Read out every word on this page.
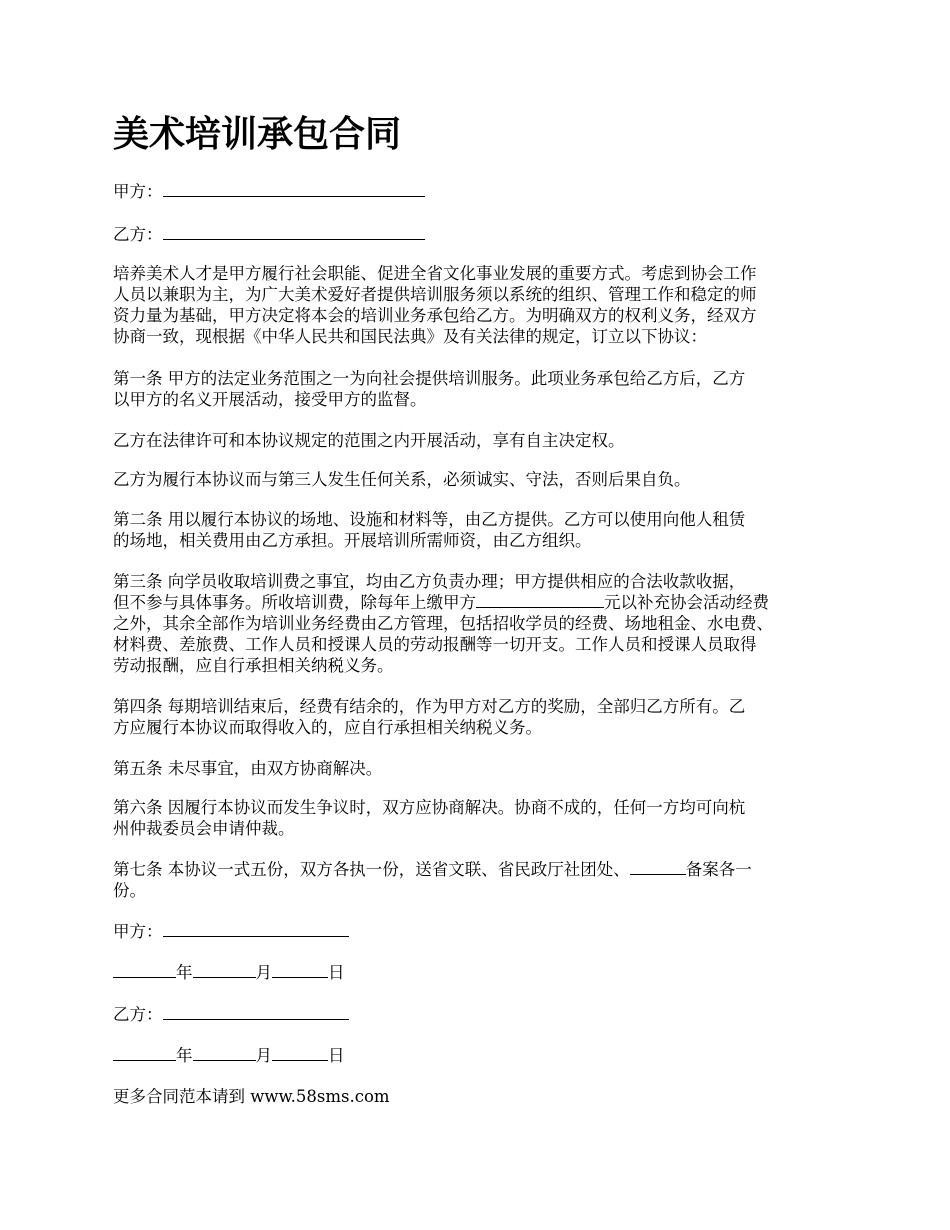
美术培训承包合同

甲方：

乙方：

培养美术人才是甲方履行社会职能、促进全省文化事业发展的重要方式。考虑到协会工作
人员以兼职为主，为广大美术爱好者提供培训服务须以系统的组织、管理工作和稳定的师
资力量为基础，甲方决定将本会的培训业务承包给乙方。为明确双方的权利义务，经双方
协商一致，现根据《中华人民共和国民法典》及有关法律的规定，订立以下协议：

第一条 甲方的法定业务范围之一为向社会提供培训服务。此项业务承包给乙方后，乙方
以甲方的名义开展活动，接受甲方的监督。

乙方在法律许可和本协议规定的范围之内开展活动，享有自主决定权。

乙方为履行本协议而与第三人发生任何关系，必须诚实、守法，否则后果自负。

第二条 用以履行本协议的场地、设施和材料等，由乙方提供。乙方可以使用向他人租赁
的场地，相关费用由乙方承担。开展培训所需师资，由乙方组织。

第三条 向学员收取培训费之事宜，均由乙方负责办理；甲方提供相应的合法收款收据，
但不参与具体事务。所收培训费，除每年上缴甲方	元以补充协会活动经费
之外，其余全部作为培训业务经费由乙方管理，包括招收学员的经费、场地租金、水电费、
材料费、差旅费、工作人员和授课人员的劳动报酬等一切开支。工作人员和授课人员取得
劳动报酬，应自行承担相关纳税义务。

第四条 每期培训结束后，经费有结余的，作为甲方对乙方的奖励，全部归乙方所有。乙
方应履行本协议而取得收入的，应自行承担相关纳税义务。

第五条 未尽事宜，由双方协商解决。

第六条 因履行本协议而发生争议时，双方应协商解决。协商不成的，任何一方均可向杭
州仲裁委员会申请仲裁。

第七条 本协议一式五份，双方各执一份，送省文联、省民政厅社团处、	备案各一
份。

甲方：

年	月	日

乙方：

年	月	日

更多合同范本请到 www.58sms.com
